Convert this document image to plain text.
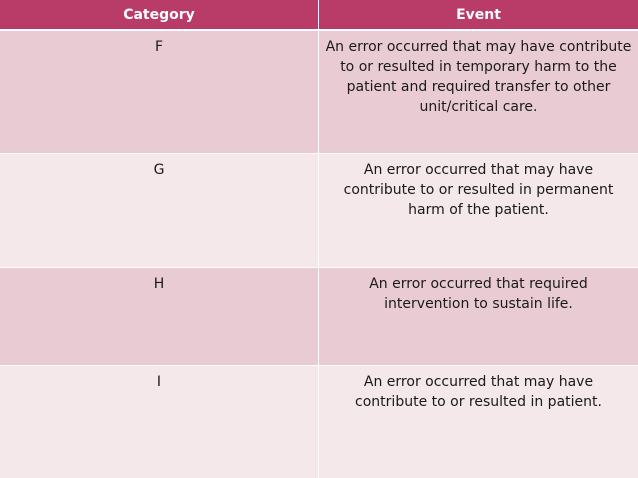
Category	Event
F	An error occurred that may have contribute to or resulted in temporary harm to the patient and required transfer to other unit/critical care.
G	An error occurred that may have contribute to or resulted in permanent harm of the patient.
H	An error occurred that required intervention to sustain life.
I	An error occurred that may have contribute to or resulted in patient.
